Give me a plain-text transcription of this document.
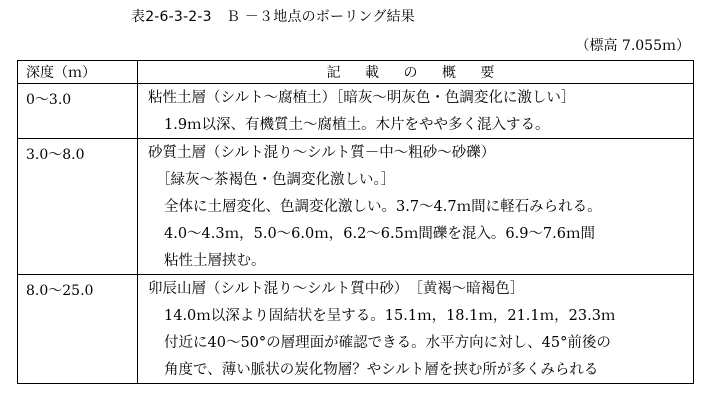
表2-6-3-2-3　Ｂ －３地点のボーリング結果
（標高 7.055ｍ）
深度（ｍ）	記 載 の 概 要
0～3.0	粘性土層（シルト～腐植土）［暗灰～明灰色・色調変化に激しい］
1.9ｍ以深、有機質土～腐植土。木片をやや多く混入する。

3.0～8.0	砂質土層（シルト混り～シルト質－中～粗砂～砂礫）
［緑灰～茶褐色・色調変化激しい。］
全体に土層変化、色調変化激しい。3.7～4.7ｍ間に軽石みられる。
4.0～4.3ｍ，5.0～6.0ｍ，6.2～6.5ｍ間礫を混入。6.9～7.6ｍ間
粘性土層挟む。

8.0～25.0	卯辰山層（シルト混り～シルト質中砂）　［黄褐～暗褐色］
14.0ｍ以深より固結状を呈する。15.1ｍ，18.1ｍ，21.1ｍ，23.3ｍ
付近に40～50°の層理面が確認できる。水平方向に対し、45°前後の
角度で、薄い脈状の炭化物層？やシルト層を挟む所が多くみられる
